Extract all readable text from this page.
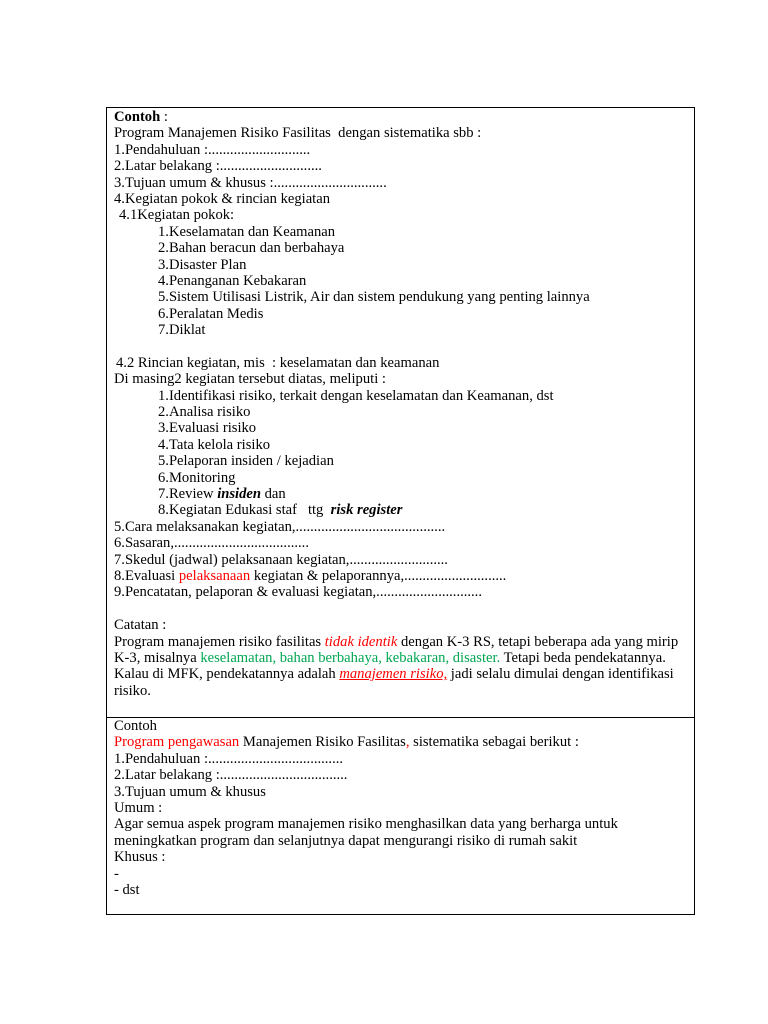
Contoh :
Program Manajemen Risiko Fasilitas  dengan sistematika sbb :
1.Pendahuluan :............................
2.Latar belakang :............................
3.Tujuan umum & khusus :...............................
4.Kegiatan pokok & rincian kegiatan
4.1Kegiatan pokok:
1.Keselamatan dan Keamanan
2.Bahan beracun dan berbahaya
3.Disaster Plan
4.Penanganan Kebakaran
5.Sistem Utilisasi Listrik, Air dan sistem pendukung yang penting lainnya
6.Peralatan Medis
7.Diklat
4.2 Rincian kegiatan, mis  : keselamatan dan keamanan
Di masing2 kegiatan tersebut diatas, meliputi :
1.Identifikasi risiko, terkait dengan keselamatan dan Keamanan, dst
2.Analisa risiko
3.Evaluasi risiko
4.Tata kelola risiko
5.Pelaporan insiden / kejadian
6.Monitoring
7.Review insiden dan
8.Kegiatan Edukasi staf   ttg  risk register
5.Cara melaksanakan kegiatan,.........................................
6.Sasaran,.....................................
7.Skedul (jadwal) pelaksanaan kegiatan,...........................
8.Evaluasi pelaksanaan kegiatan & pelaporannya,............................
9.Pencatatan, pelaporan & evaluasi kegiatan,.............................
Catatan :
Program manajemen risiko fasilitas tidak identik dengan K-3 RS, tetapi beberapa ada yang mirip K-3, misalnya keselamatan, bahan berbahaya, kebakaran, disaster. Tetapi beda pendekatannya. Kalau di MFK, pendekatannya adalah manajemen risiko, jadi selalu dimulai dengan identifikasi risiko.
Contoh
Program pengawasan Manajemen Risiko Fasilitas, sistematika sebagai berikut :
1.Pendahuluan :.....................................
2.Latar belakang :...................................
3.Tujuan umum & khusus
Umum :
Agar semua aspek program manajemen risiko menghasilkan data yang berharga untuk meningkatkan program dan selanjutnya dapat mengurangi risiko di rumah sakit
Khusus :
-
- dst
